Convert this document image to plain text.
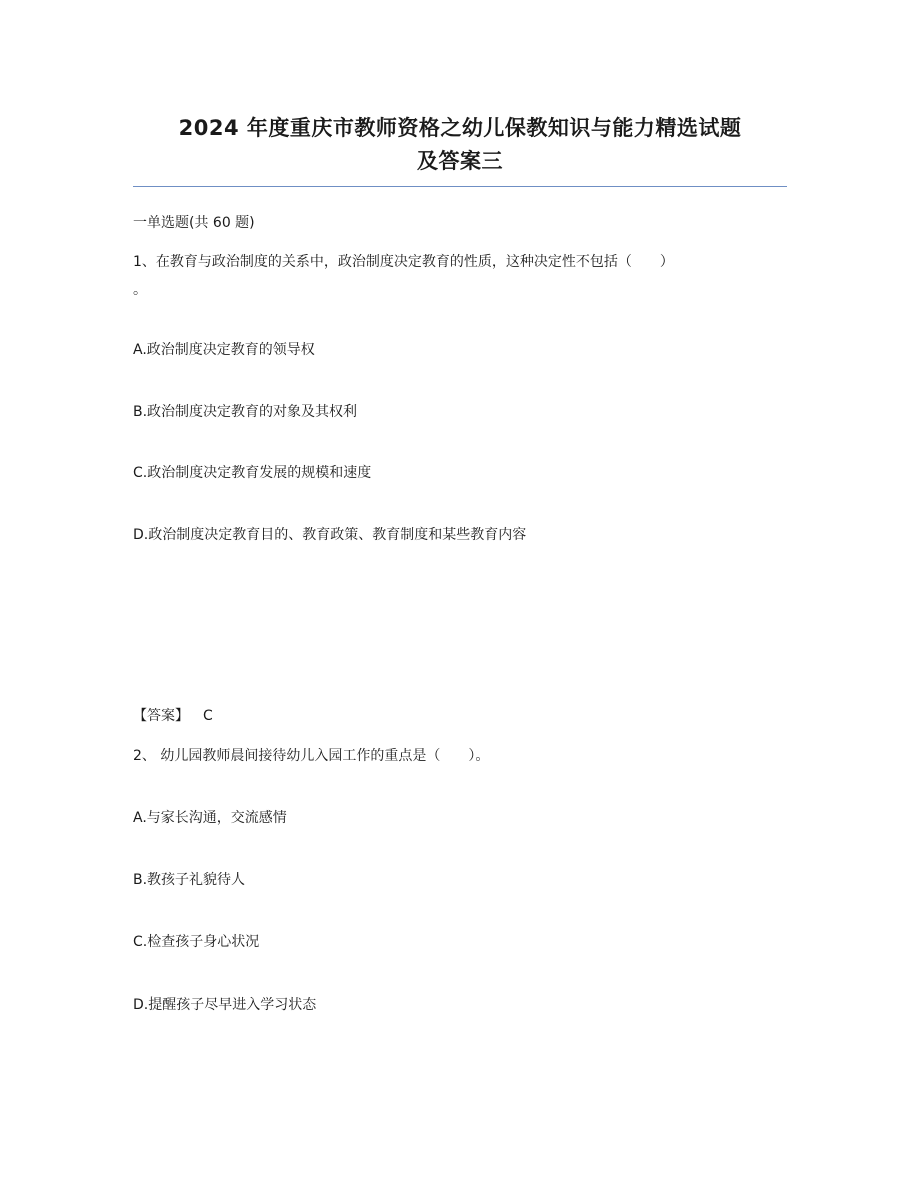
2024 年度重庆市教师资格之幼儿保教知识与能力精选试题

及答案三

一单选题(共 60 题)
1、在教育与政治制度的关系中，政治制度决定教育的性质，这种决定性不包括（　　）
。
A.政治制度决定教育的领导权
B.政治制度决定教育的对象及其权利
C.政治制度决定教育发展的规模和速度
D.政治制度决定教育目的、教育政策、教育制度和某些教育内容
【答案】 C
2、 幼儿园教师晨间接待幼儿入园工作的重点是（　　）。
A.与家长沟通，交流感情
B.教孩子礼貌待人
C.检查孩子身心状况
D.提醒孩子尽早进入学习状态
